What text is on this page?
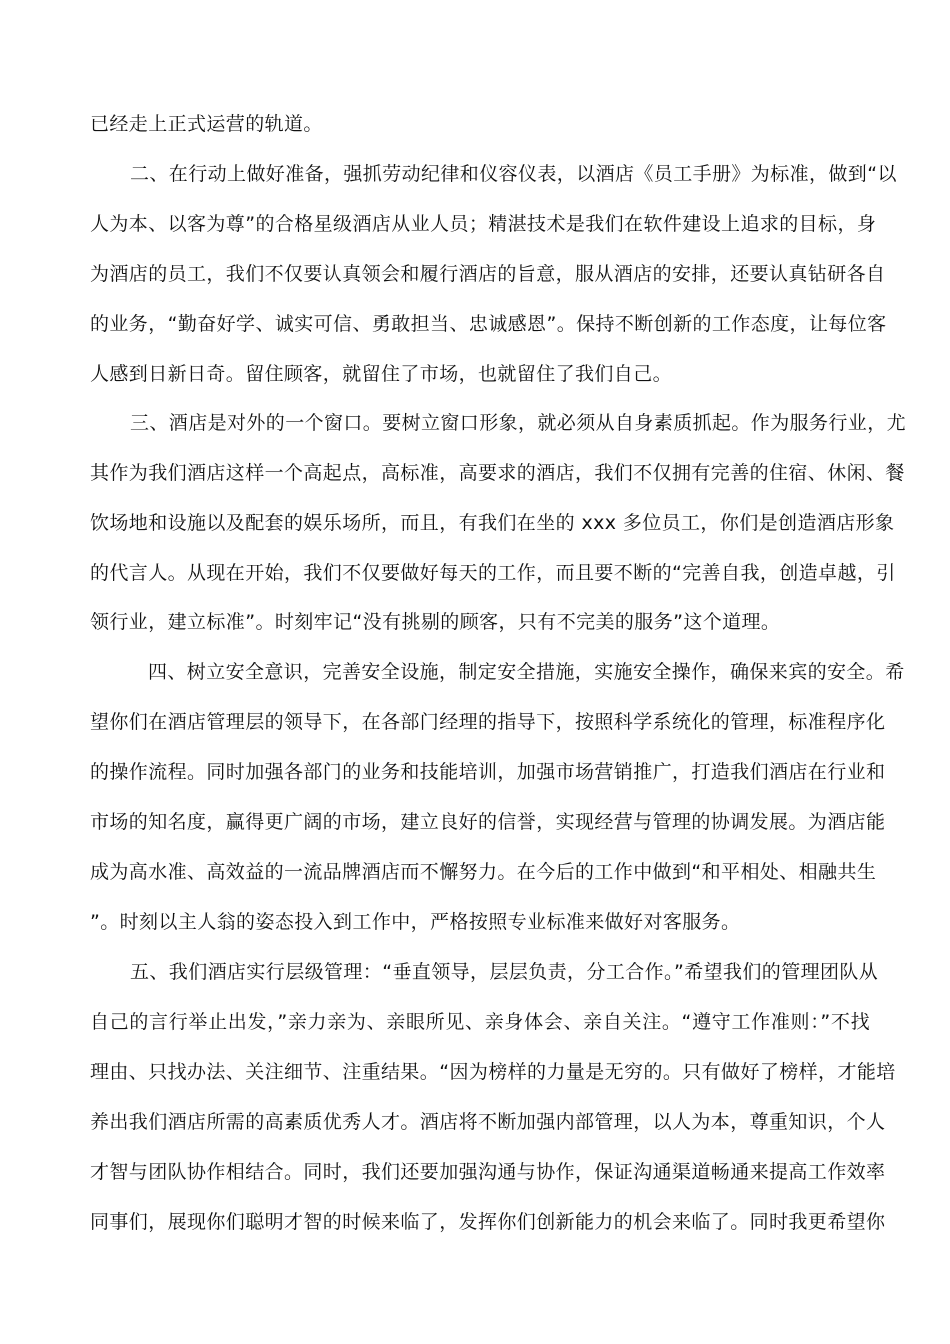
已经走上正式运营的轨道。
二、在行动上做好准备，强抓劳动纪律和仪容仪表，以酒店《员工手册》为标准，做到“以
人为本、以客为尊”的合格星级酒店从业人员；精湛技术是我们在软件建设上追求的目标，身
为酒店的员工，我们不仅要认真领会和履行酒店的旨意，服从酒店的安排，还要认真钻研各自
的业务，“勤奋好学、诚实可信、勇敢担当、忠诚感恩”。保持不断创新的工作态度，让每位客
人感到日新日奇。留住顾客，就留住了市场，也就留住了我们自己。
三、酒店是对外的一个窗口。要树立窗口形象，就必须从自身素质抓起。作为服务行业，尤
其作为我们酒店这样一个高起点，高标准，高要求的酒店，我们不仅拥有完善的住宿、休闲、餐
饮场地和设施以及配套的娱乐场所，而且，有我们在坐的 xxx 多位员工，你们是创造酒店形象
的代言人。从现在开始，我们不仅要做好每天的工作，而且要不断的“完善自我，创造卓越，引
领行业，建立标准”。时刻牢记“没有挑剔的顾客，只有不完美的服务”这个道理。
四、树立安全意识，完善安全设施，制定安全措施，实施安全操作，确保来宾的安全。希
望你们在酒店管理层的领导下，在各部门经理的指导下，按照科学系统化的管理，标准程序化
的操作流程。同时加强各部门的业务和技能培训，加强市场营销推广，打造我们酒店在行业和
市场的知名度，赢得更广阔的市场，建立良好的信誉，实现经营与管理的协调发展。为酒店能
成为高水准、高效益的一流品牌酒店而不懈努力。在今后的工作中做到“和平相处、相融共生
”。时刻以主人翁的姿态投入到工作中，严格按照专业标准来做好对客服务。
五、我们酒店实行层级管理：“垂直领导，层层负责，分工合作。”希望我们的管理团队从
自己的言行举止出发，”亲力亲为、亲眼所见、亲身体会、亲自关注。“遵守工作准则：”不找
理由、只找办法、关注细节、注重结果。“因为榜样的力量是无穷的。只有做好了榜样，才能培
养出我们酒店所需的高素质优秀人才。酒店将不断加强内部管理，以人为本，尊重知识，个人
才智与团队协作相结合。同时，我们还要加强沟通与协作，保证沟通渠道畅通来提高工作效率
同事们，展现你们聪明才智的时候来临了，发挥你们创新能力的机会来临了。同时我更希望你
